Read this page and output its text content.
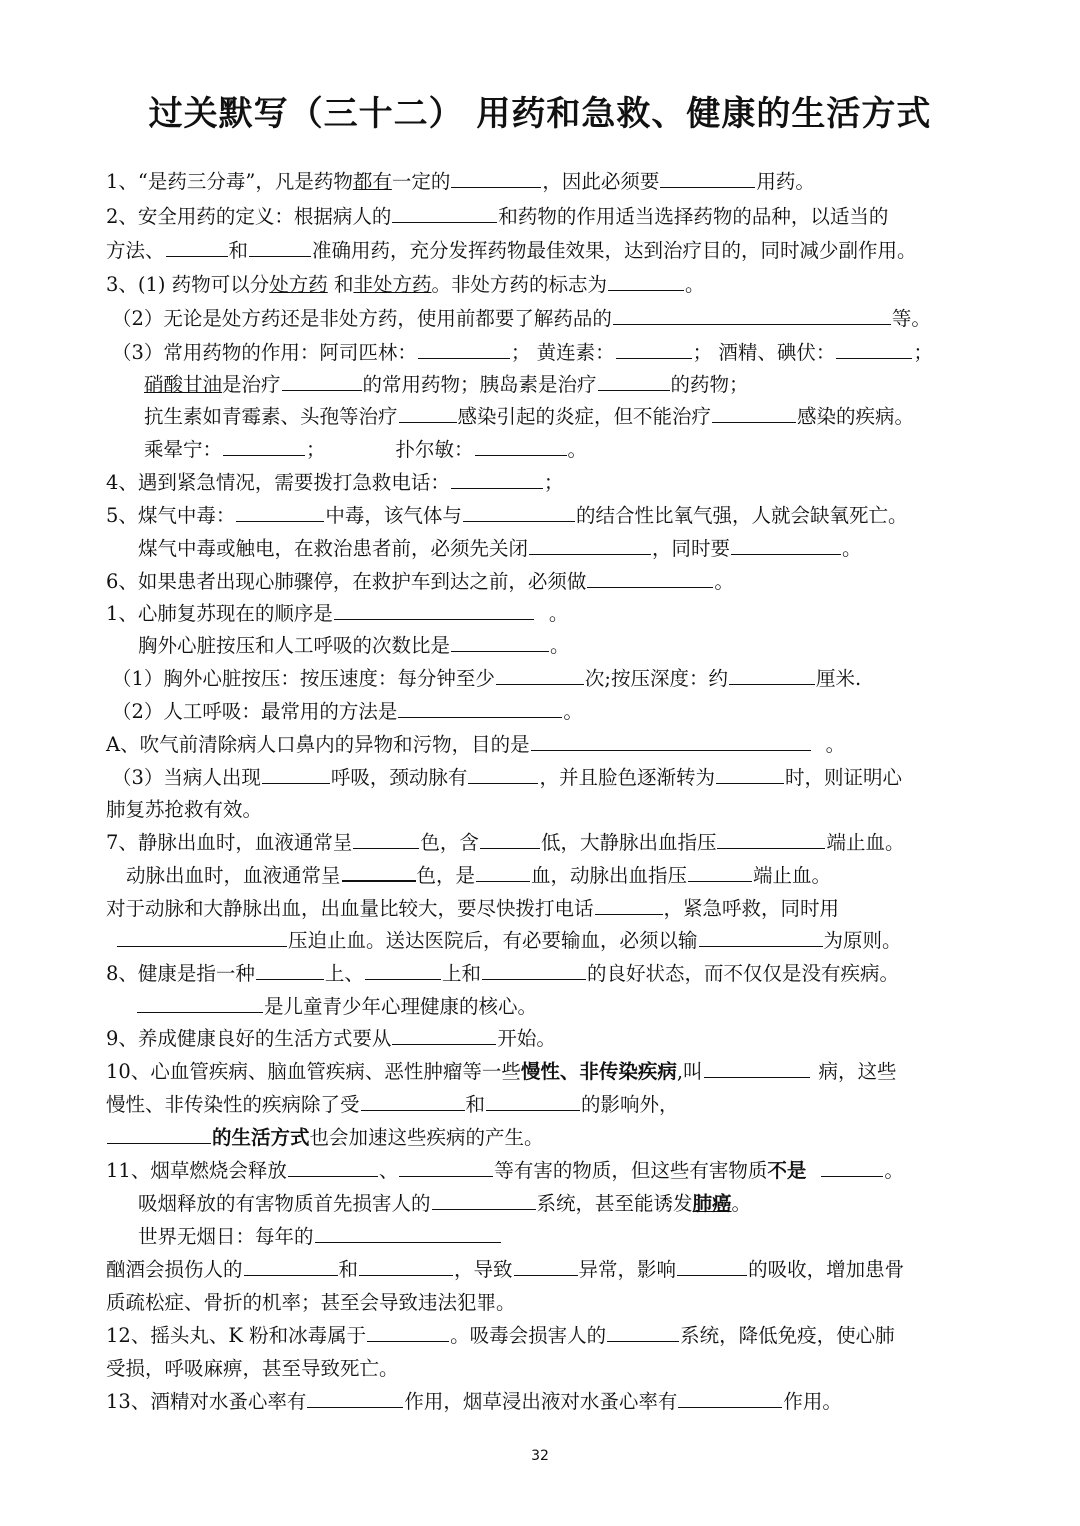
过关默写（三十二） 用药和急救、健康的生活方式
1、“是药三分毒”，凡是药物都有一定的	，因此必须要	用药。
2、安全用药的定义：根据病人的	和药物的作用适当选择药物的品种，以适当的
方法、	和	准确用药，充分发挥药物最佳效果，达到治疗目的，同时减少副作用。
3、(1) 药物可以分处方药 和非处方药。非处方药的标志为	。
（2）无论是处方药还是非处方药，使用前都要了解药品的	等。
（3）常用药物的作用：阿司匹林：	； 黄连素：	； 酒精、碘伏：	；
硝酸甘油是治疗	的常用药物；胰岛素是治疗	的药物；
抗生素如青霉素、头孢等治疗	感染引起的炎症，但不能治疗	感染的疾病。
乘晕宁：	；	扑尔敏：	。
4、遇到紧急情况，需要拨打急救电话：	；
5、煤气中毒：	中毒，该气体与	的结合性比氧气强，人就会缺氧死亡。
煤气中毒或触电，在救治患者前，必须先关闭	，同时要	。
6、如果患者出现心肺骤停，在救护车到达之前，必须做	。
1、心肺复苏现在的顺序是	。
胸外心脏按压和人工呼吸的次数比是	。
（1）胸外心脏按压：按压速度：每分钟至少	次;按压深度：约	厘米.
（2）人工呼吸：最常用的方法是	。
A、吹气前清除病人口鼻内的异物和污物，目的是	。
（3）当病人出现	呼吸，颈动脉有	，并且脸色逐渐转为	时，则证明心
肺复苏抢救有效。
7、静脉出血时，血液通常呈	色，含	低，大静脉出血指压	端止血。
动脉出血时，血液通常呈	色，是	血，动脉出血指压	端止血。
对于动脉和大静脉出血，出血量比较大，要尽快拨打电话	，紧急呼救，同时用
压迫止血。送达医院后，有必要输血，必须以输	为原则。
8、健康是指一种	上、	上和	的良好状态，而不仅仅是没有疾病。
是儿童青少年心理健康的核心。
9、养成健康良好的生活方式要从	开始。
10、心血管疾病、脑血管疾病、恶性肿瘤等一些慢性、非传染疾病,叫	病，这些
慢性、非传染性的疾病除了受	和	的影响外，
的生活方式也会加速这些疾病的产生。
11、烟草燃烧会释放	、	等有害的物质，但这些有害物质不是	。
吸烟释放的有害物质首先损害人的	系统，甚至能诱发肺癌。
世界无烟日：每年的
酗酒会损伤人的	和	，导致	异常，影响	的吸收，增加患骨
质疏松症、骨折的机率；甚至会导致违法犯罪。
12、摇头丸、K 粉和冰毒属于	。吸毒会损害人的	系统，降低免疫，使心肺
受损，呼吸麻痹，甚至导致死亡。
13、酒精对水蚤心率有	作用，烟草浸出液对水蚤心率有	作用。
32
